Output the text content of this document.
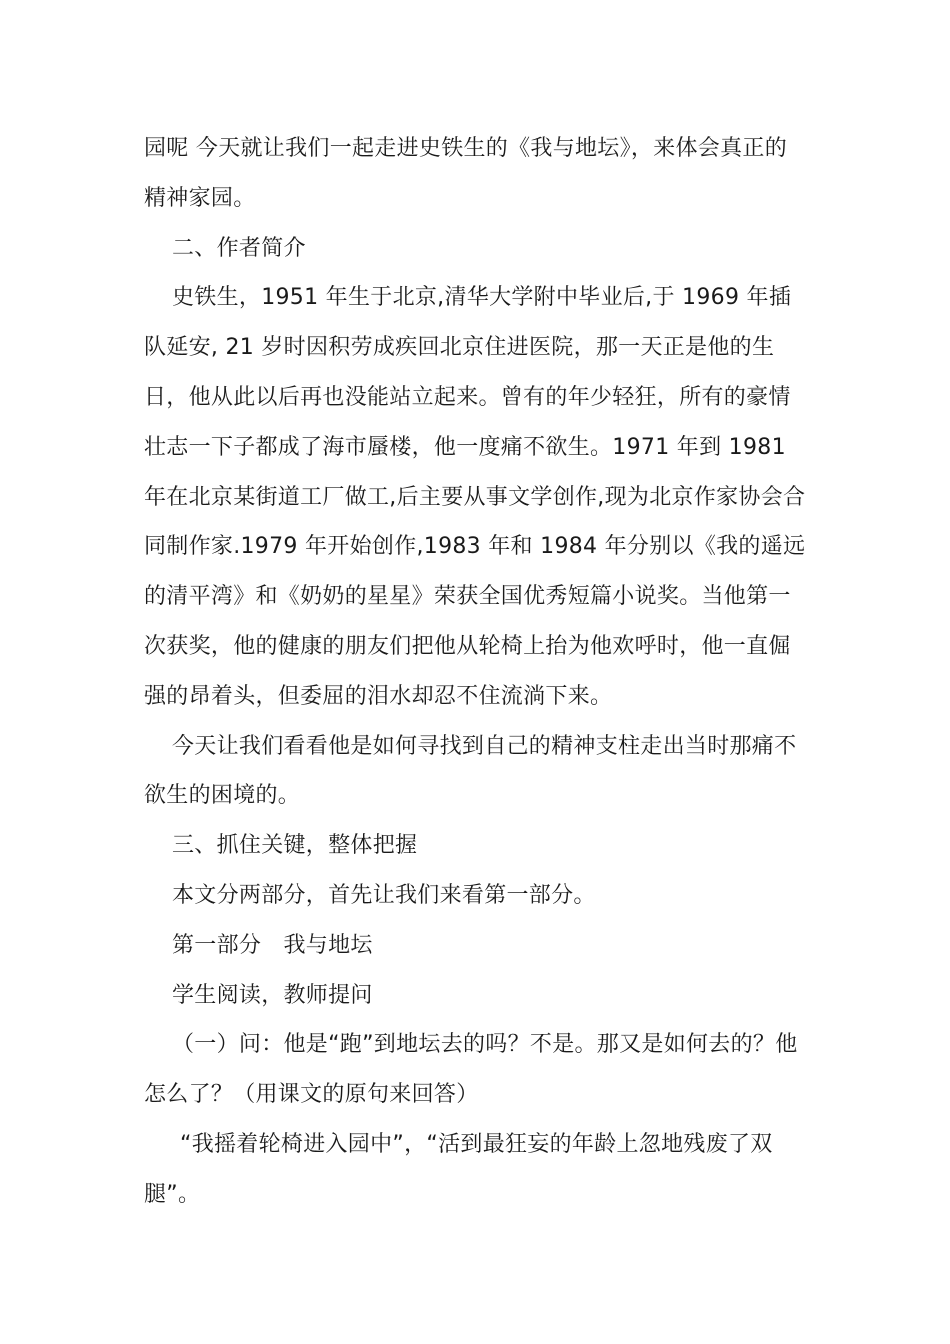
园呢 今天就让我们一起走进史铁生的《我与地坛》，来体会真正的精神家园。

二、作者简介

史铁生，1951 年生于北京,清华大学附中毕业后,于 1969 年插队延安, 21 岁时因积劳成疾回北京住进医院，那一天正是他的生日，他从此以后再也没能站立起来。曾有的年少轻狂，所有的豪情壮志一下子都成了海市蜃楼，他一度痛不欲生。1971 年到 1981 年在北京某街道工厂做工,后主要从事文学创作,现为北京作家协会合同制作家.1979 年开始创作,1983 年和 1984 年分别以《我的遥远的清平湾》和《奶奶的星星》荣获全国优秀短篇小说奖。当他第一次获奖，他的健康的朋友们把他从轮椅上抬为他欢呼时，他一直倔强的昂着头，但委屈的泪水却忍不住流淌下来。

今天让我们看看他是如何寻找到自己的精神支柱走出当时那痛不欲生的困境的。

三、抓住关键，整体把握

本文分两部分，首先让我们来看第一部分。

第一部分　我与地坛

学生阅读，教师提问

（一）问：他是“跑”到地坛去的吗？不是。那又是如何去的？他怎么了？（用课文的原句来回答）

“我摇着轮椅进入园中”，“活到最狂妄的年龄上忽地残废了双腿”。
